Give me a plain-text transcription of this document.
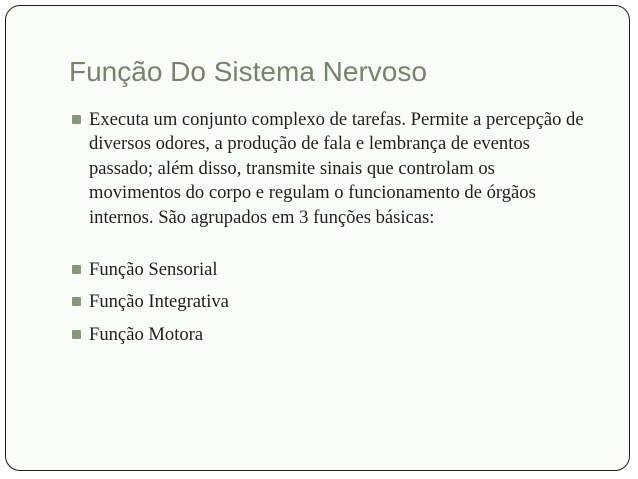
Função Do Sistema Nervoso
Executa um conjunto complexo de tarefas. Permite a percepção de diversos odores, a produção de fala e lembrança de eventos passado; além disso, transmite sinais que controlam os movimentos do corpo e regulam o funcionamento de órgãos internos. São agrupados em 3 funções básicas:
Função Sensorial
Função Integrativa
Função Motora
